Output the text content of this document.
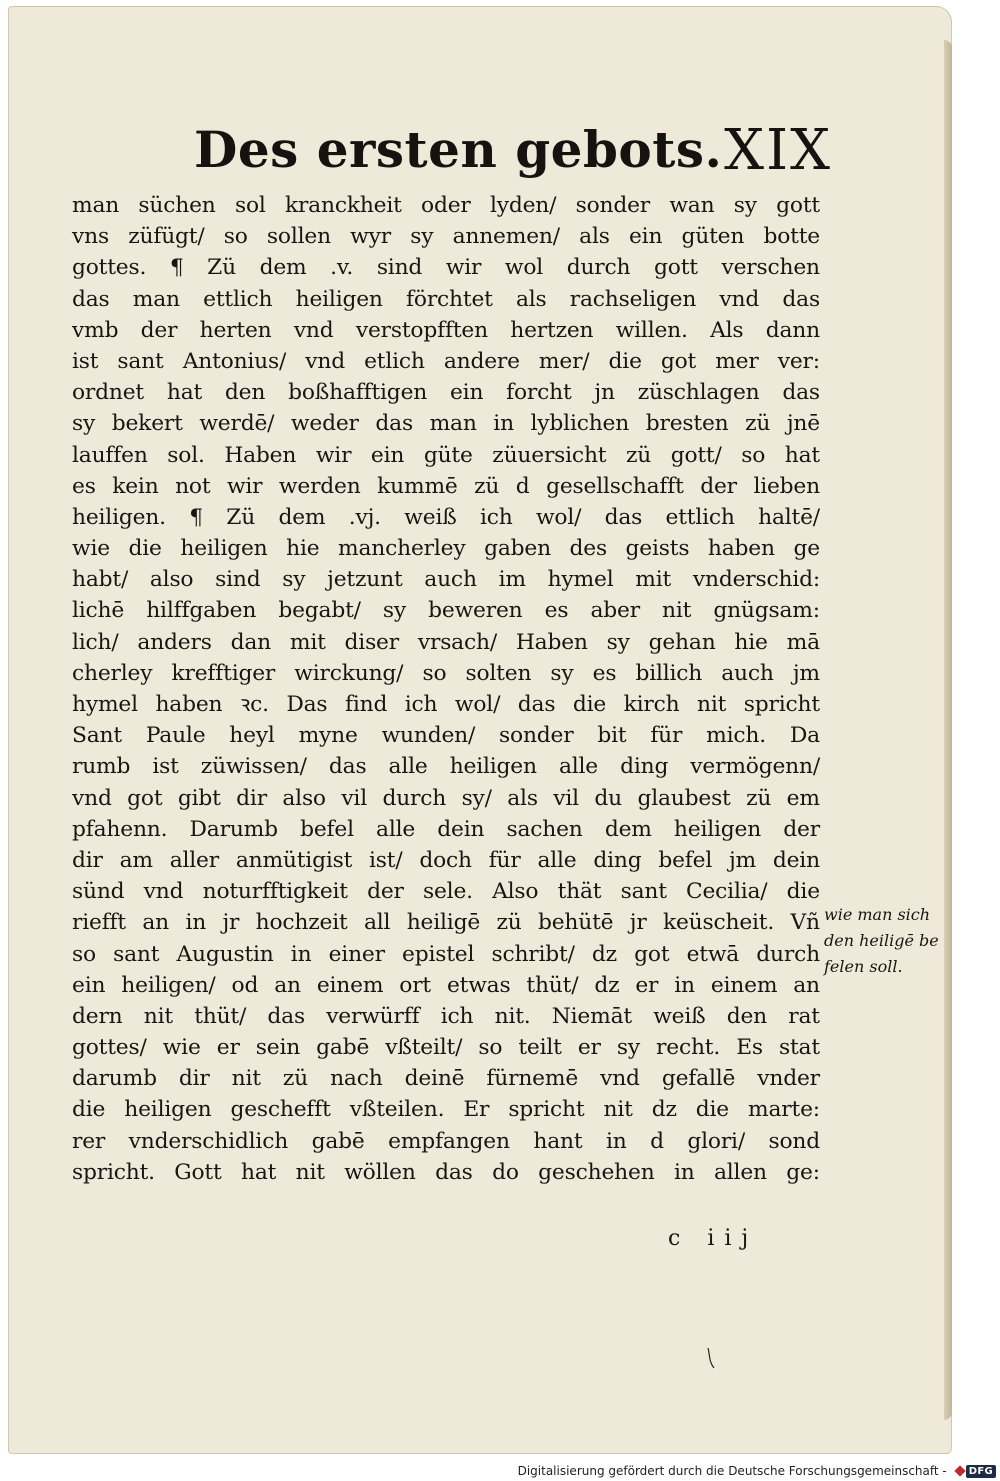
Des ersten gebots. XIX
man süchen sol kranckheit oder lyden/ sonder wan sy gott
vns züfügt/ so sollen wyr sy annemen/ als ein güten botte
gottes. ¶ Zü dem .v. sind wir wol durch gott verschen
das man ettlich heiligen förchtet als rachseligen vnd das
vmb der herten vnd verstopfften hertzen willen. Als dann
ist sant Antonius/ vnd etlich andere mer/ die got mer ver:
ordnet hat den boßhafftigen ein forcht jn züschlagen das
sy bekert werdē/ weder das man in lyblichen bresten zü jnē
lauffen sol. Haben wir ein güte züuersicht zü gott/ so hat
es kein not wir werden kummē zü d gesellschafft der lieben
heiligen. ¶ Zü dem .vj. weiß ich wol/ das ettlich haltē/
wie die heiligen hie mancherley gaben des geists haben ge
habt/ also sind sy jetzunt auch im hymel mit vnderschid:
lichē hilffgaben begabt/ sy beweren es aber nit gnügsam:
lich/ anders dan mit diser vrsach/ Haben sy gehan hie mā
cherley krefftiger wirckung/ so solten sy es billich auch jm
hymel haben ꝛc. Das find ich wol/ das die kirch nit spricht
Sant Paule heyl myne wunden/ sonder bit für mich. Da
rumb ist züwissen/ das alle heiligen alle ding vermögenn/
vnd got gibt dir also vil durch sy/ als vil du glaubest zü em
pfahenn. Darumb befel alle dein sachen dem heiligen der
dir am aller anmütigist ist/ doch für alle ding befel jm dein
sünd vnd noturfftigkeit der sele. Also thät sant Cecilia/ die
riefft an in jr hochzeit all heiligē zü behütē jr keüscheit. Vñ
so sant Augustin in einer epistel schribt/ dz got etwā durch
ein heiligen/ od an einem ort etwas thüt/ dz er in einem an
dern nit thüt/ das verwürff ich nit. Niemāt weiß den rat
gottes/ wie er sein gabē vßteilt/ so teilt er sy recht. Es stat
darumb dir nit zü nach deinē fürnemē vnd gefallē vnder
die heiligen geschefft vßteilen. Er spricht nit dz die marte:
rer vnderschidlich gabē empfangen hant in d glori/ sond
spricht. Gott hat nit wöllen das do geschehen in allen ge:
wie man sich
den heiligē be
felen soll.
c iij
Digitalisierung gefördert durch die Deutsche Forschungsgemeinschaft -	DFG
